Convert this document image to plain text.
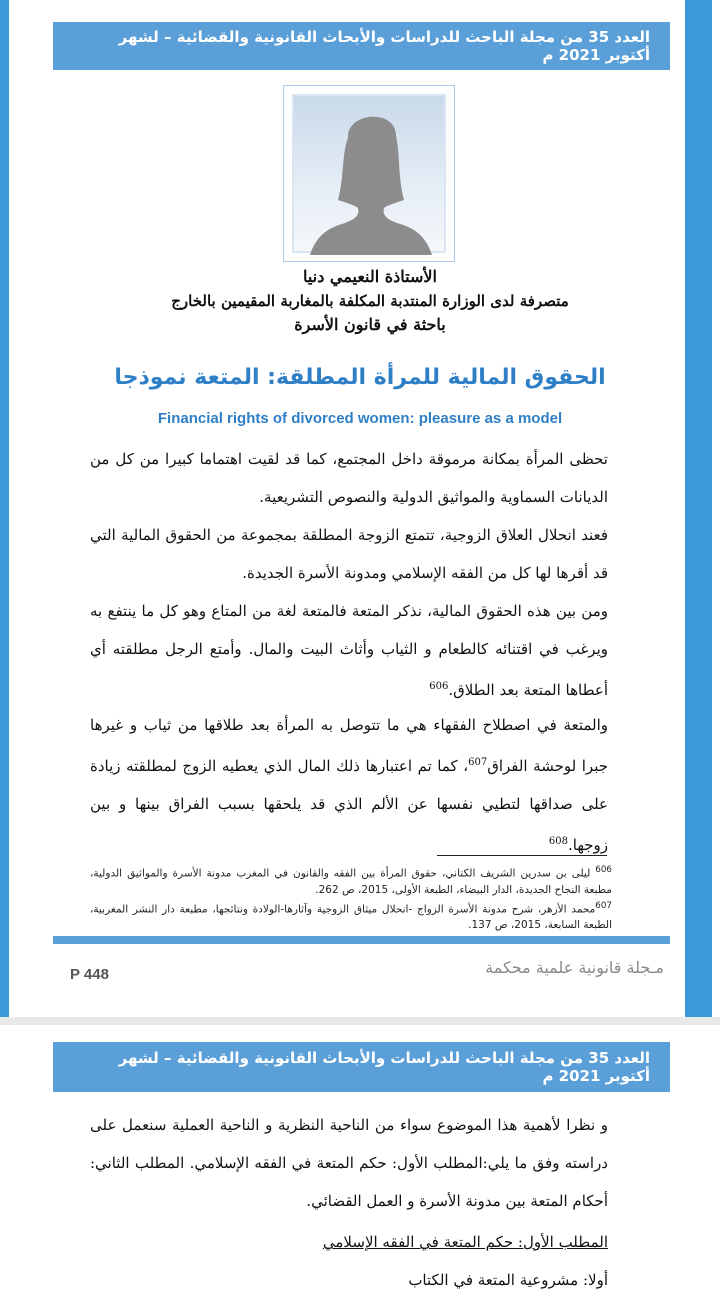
العدد 35 من مجلة الباحث للدراسات والأبحاث القانونية والقضائية – لشهر أكتوبر 2021 م
الأستاذة النعيمي دنيا
متصرفة لدى الوزارة المنتدبة المكلفة بالمغاربة المقيمين بالخارج
باحثة في قانون الأسرة
الحقوق المالية للمرأة المطلقة: المتعة نموذجا
Financial rights of divorced women: pleasure as a model
تحظى المرأة بمكانة مرموقة داخل المجتمع، كما قد لقيت اهتماما كبيرا من كل من الديانات السماوية والمواثيق الدولية والنصوص التشريعية.
فعند انحلال العلاق الزوجية، تتمتع الزوجة المطلقة بمجموعة من الحقوق المالية التي قد أقرها لها كل من الفقه الإسلامي ومدونة الأسرة الجديدة.
ومن بين هذه الحقوق المالية، نذكر المتعة فالمتعة لغة من المتاع وهو كل ما ينتفع به ويرغب في اقتنائه كالطعام و الثياب وأثاث البيت والمال. وأمتع الرجل مطلقته أي أعطاها المتعة بعد الطلاق.$^{606}$
والمتعة في اصطلاح الفقهاء هي ما تتوصل به المرأة بعد طلاقها من ثياب و غيرها جبرا لوحشة الفراق$^{607}$، كما تم اعتبارها ذلك المال الذي يعطيه الزوج لمطلقته زيادة على صداقها لتطيي نفسها عن الألم الذي قد يلحقها بسبب الفراق بينها و بين زوجها.$^{608}$
$^{606}$ ليلى بن سدرين الشريف الكتاني، حقوق المرأة بين الفقه والقانون في المغرب مدونة الأسرة والمواثيق الدولية، مطبعة النجاح الجديدة، الدار البيضاء، الطبعة الأولى، 2015، ص 262.
$^{607}$محمد الأزهر، شرح مدونة الأسرة الزواج -انحلال ميثاق الزوجية وآثارها-الولادة ونتائجها، مطبعة دار النشر المغربية، الطبعة السابعة، 2015، ص 137.
P 448	مـجلة قانونية علمية محكمة
العدد 35 من مجلة الباحث للدراسات والأبحاث القانونية والقضائية – لشهر أكتوبر 2021 م
و نظرا لأهمية هذا الموضوع سواء من الناحية النظرية و الناحية العملية سنعمل على دراسته وفق ما يلي:المطلب الأول: حكم المتعة في الفقه الإسلامي. المطلب الثاني: أحكام المتعة بين مدونة الأسرة و العمل القضائي.
المطلب الأول: حكم المتعة في الفقه الإسلامي
أولا: مشروعية المتعة في الكتاب
